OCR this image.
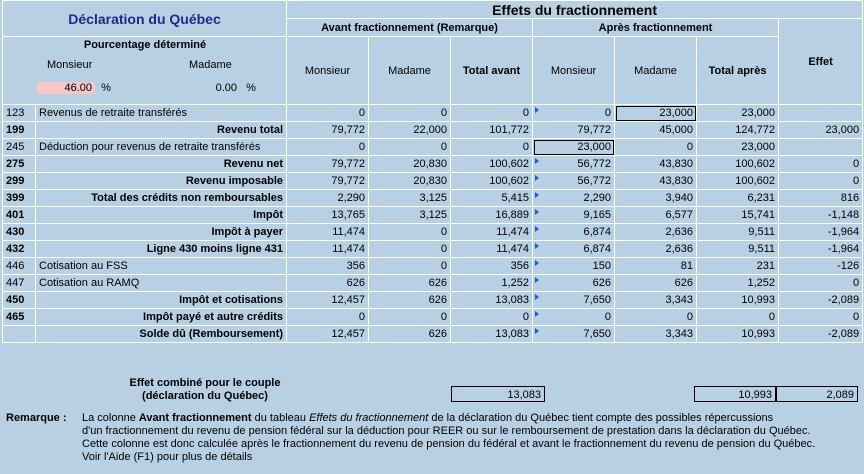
Déclaration du Québec		Effets du fractionnement						
		Avant fractionnement (Remarque)			Après fractionnement			Effet

Pourcentage déterminé
Monsieur Madame
46.00 % 0.00 %		Monsieur	Madame	Total avant	Monsieur	Madame	Total après	
123	Revenus de retraite transférés	0	0	0	0	23,000	23,000	
199	Revenu total	79,772	22,000	101,772	79,772	45,000	124,772	23,000
245	Déduction pour revenus de retraite transférés	0	0	0	23,000	0	23,000	
275	Revenu net	79,772	20,830	100,602	56,772	43,830	100,602	0
299	Revenu imposable	79,772	20,830	100,602	56,772	43,830	100,602	0
399	Total des crédits non remboursables	2,290	3,125	5,415	2,290	3,940	6,231	816
401	Impôt	13,765	3,125	16,889	9,165	6,577	15,741	-1,148
430	Impôt à payer	11,474	0	11,474	6,874	2,636	9,511	-1,964
432	Ligne 430 moins ligne 431	11,474	0	11,474	6,874	2,636	9,511	-1,964
446	Cotisation au FSS	356	0	356	150	81	231	-126
447	Cotisation au RAMQ	626	626	1,252	626	626	1,252	0
450	Impôt et cotisations	12,457	626	13,083	7,650	3,343	10,993	-2,089
465	Impôt payé et autre crédits	0	0	0	0	0	0	0
	Solde dû (Remboursement)	12,457	626	13,083	7,650	3,343	10,993	-2,089
Effet combiné pour le couple
(déclaration du Québec)	13,083	10,993	2,089
Remarque : La colonne Avant fractionnement du tableau Effets du fractionnement de la déclaration du Québec tient compte des possibles répercussions
d'un fractionnement du revenu de pension fédéral sur la déduction pour REER ou sur le remboursement de prestation dans la déclaration du Québec.
Cette colonne est donc calculée après le fractionnement du revenu de pension du fédéral et avant le fractionnement du revenu de pension du Québec.
Voir l'Aide (F1) pour plus de détails
